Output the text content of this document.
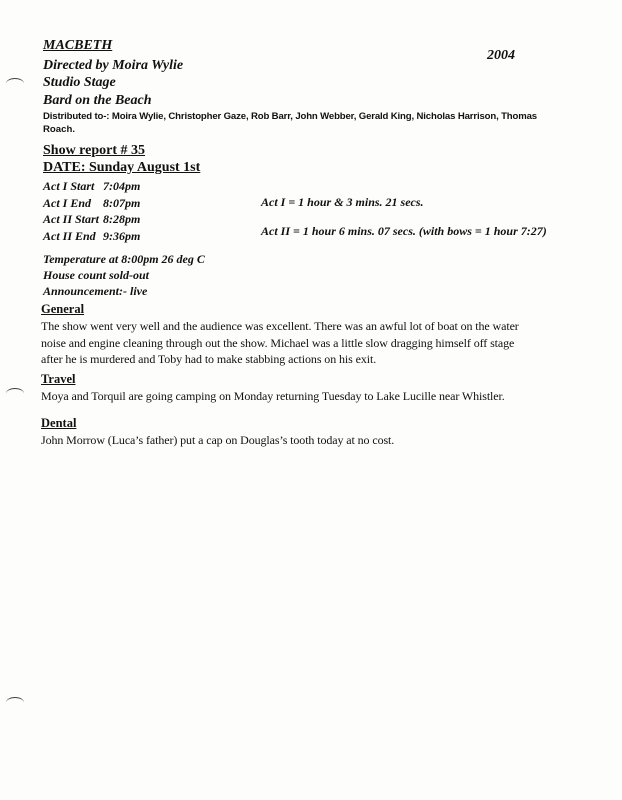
MACBETH
2004
Directed by Moira Wylie
Studio Stage
Bard on the Beach
Distributed to-: Moira Wylie, Christopher Gaze, Rob Barr, John Webber, Gerald King, Nicholas Harrison, Thomas
Roach.
Show report # 35
DATE: Sunday August 1st
Act I Start 7:04pm
Act I End 8:07pm
Act II Start 8:28pm
Act II End 9:36pm
Act I = 1 hour & 3 mins. 21 secs.
Act II = 1 hour 6 mins. 07 secs. (with bows = 1 hour 7:27)
Temperature at 8:00pm 26 deg C
House count sold-out
Announcement:- live
General
The show went very well and the audience was excellent. There was an awful lot of boat on the water
noise and engine cleaning through out the show. Michael was a little slow dragging himself off stage
after he is murdered and Toby had to make stabbing actions on his exit.
Travel
Moya and Torquil are going camping on Monday returning Tuesday to Lake Lucille near Whistler.
Dental
John Morrow (Luca’s father) put a cap on Douglas’s tooth today at no cost.
